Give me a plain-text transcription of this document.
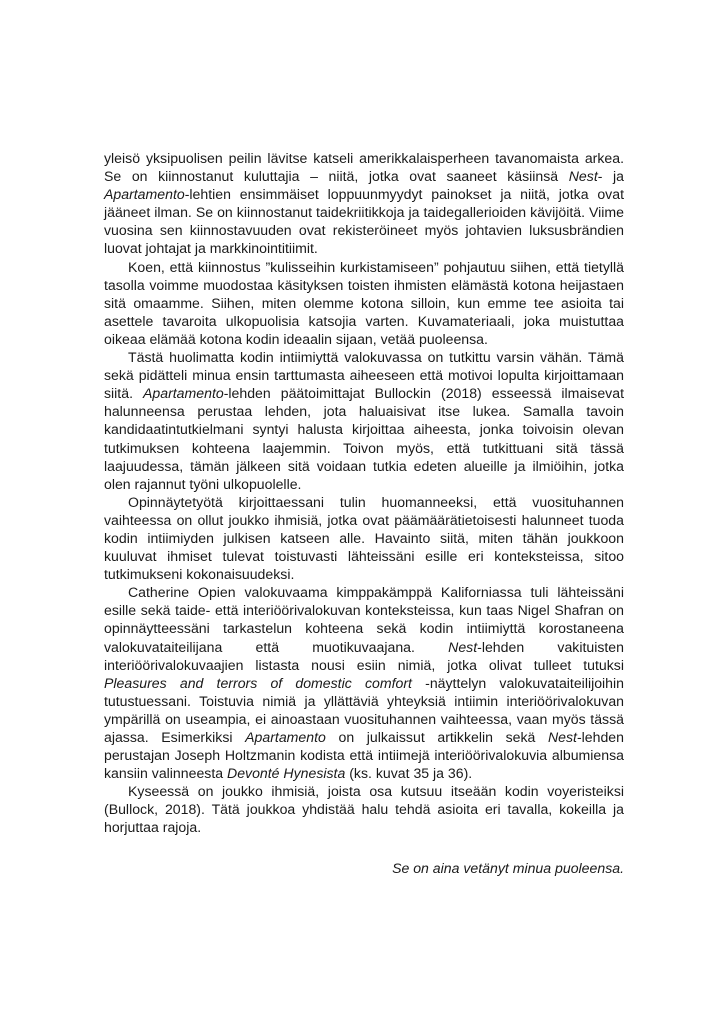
yleisö yksipuolisen peilin lävitse katseli amerikkalaisperheen tavanomaista arkea. Se on kiinnostanut kuluttajia – niitä, jotka ovat saaneet käsiinsä Nest- ja Apartamento-lehtien ensimmäiset loppuunmyydyt painokset ja niitä, jotka ovat jääneet ilman. Se on kiinnostanut taidekriitikkoja ja taidegallerioiden kävijöitä. Viime vuosina sen kiinnostavuuden ovat rekisteröineet myös johtavien luksusbrändien luovat johtajat ja markkinointitiimit.

Koen, että kiinnostus ”kulisseihin kurkistamiseen” pohjautuu siihen, että tietyllä tasolla voimme muodostaa käsityksen toisten ihmisten elämästä kotona heijastaen sitä omaamme. Siihen, miten olemme kotona silloin, kun emme tee asioita tai asettele tavaroita ulkopuolisia katsojia varten. Kuvamateriaali, joka muistuttaa oikeaa elämää kotona kodin ideaalin sijaan, vetää puoleensa.

Tästä huolimatta kodin intiimiyttä valokuvassa on tutkittu varsin vähän. Tämä sekä pidätteli minua ensin tarttumasta aiheeseen että motivoi lopulta kirjoittamaan siitä. Apartamento-lehden päätoimittajat Bullockin (2018) esseessä ilmaisevat halunneensa perustaa lehden, jota haluaisivat itse lukea. Samalla tavoin kandidaatintutkielmani syntyi halusta kirjoittaa aiheesta, jonka toivoisin olevan tutkimuksen kohteena laajemmin. Toivon myös, että tutkittuani sitä tässä laajuudessa, tämän jälkeen sitä voidaan tutkia edeten alueille ja ilmiöihin, jotka olen rajannut työni ulkopuolelle.

Opinnäytetyötä kirjoittaessani tulin huomanneeksi, että vuosituhannen vaihteessa on ollut joukko ihmisiä, jotka ovat päämäärätietoisesti halunneet tuoda kodin intiimiyden julkisen katseen alle. Havainto siitä, miten tähän joukkoon kuuluvat ihmiset tulevat toistuvasti lähteissäni esille eri konteksteissa, sitoo tutkimukseni kokonaisuudeksi.

Catherine Opien valokuvaama kimppakämppä Kaliforniassa tuli lähteissäni esille sekä taide- että interiöörivalokuvan konteksteissa, kun taas Nigel Shafran on opinnäytteessäni tarkastelun kohteena sekä kodin intiimiyttä korostaneena valokuvataiteilijana että muotikuvaajana. Nest-lehden vakituisten interiöörivalokuvaajien listasta nousi esiin nimiä, jotka olivat tulleet tutuksi Pleasures and terrors of domestic comfort -näyttelyn valokuvataiteilijoihin tutustuessani. Toistuvia nimiä ja yllättäviä yhteyksiä intiimin interiöörivalokuvan ympärillä on useampia, ei ainoastaan vuosituhannen vaihteessa, vaan myös tässä ajassa. Esimerkiksi Apartamento on julkaissut artikkelin sekä Nest-lehden perustajan Joseph Holtzmanin kodista että intiimejä interiöörivalokuvia albumiensa kansiin valinneesta Devonté Hynesista (ks. kuvat 35 ja 36).

Kyseessä on joukko ihmisiä, joista osa kutsuu itseään kodin voyeristeiksi (Bullock, 2018). Tätä joukkoa yhdistää halu tehdä asioita eri tavalla, kokeilla ja horjuttaa rajoja.

Se on aina vetänyt minua puoleensa.
